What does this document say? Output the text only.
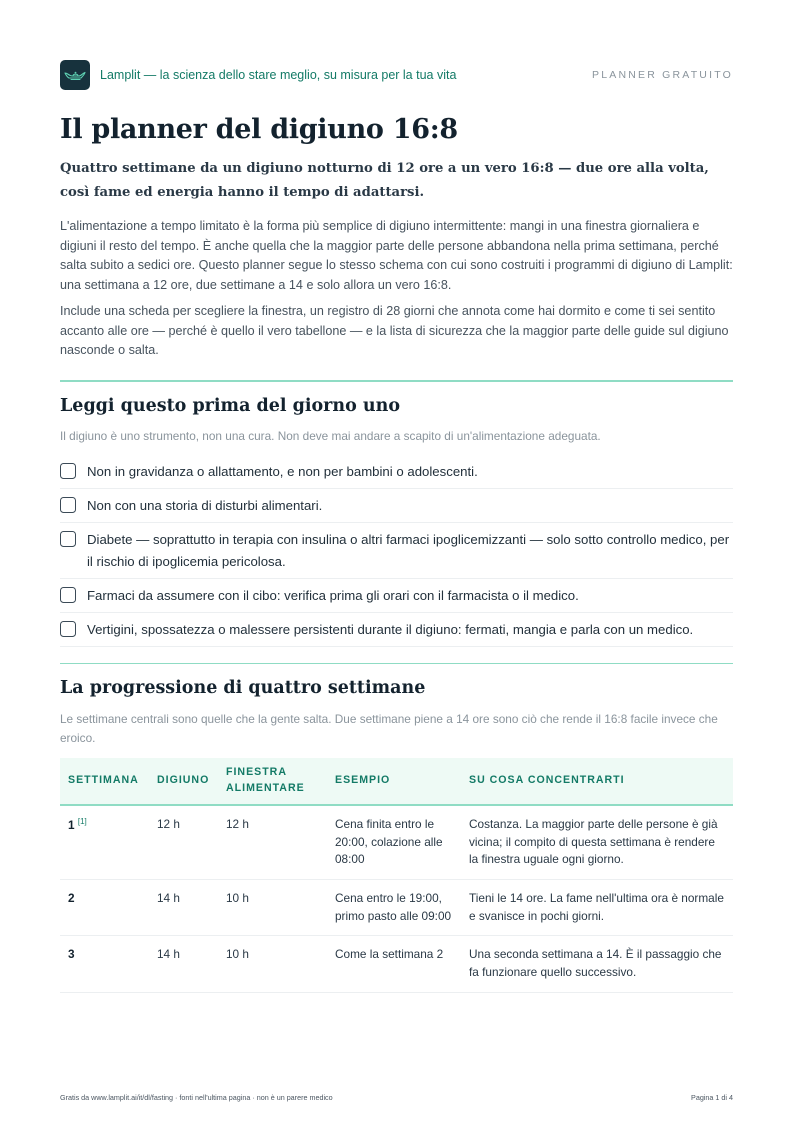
Lamplit — la scienza dello stare meglio, su misura per la tua vita	PLANNER GRATUITO
Il planner del digiuno 16:8

Quattro settimane da un digiuno notturno di 12 ore a un vero 16:8 — due ore alla volta, così fame ed energia hanno il tempo di adattarsi.

L'alimentazione a tempo limitato è la forma più semplice di digiuno intermittente: mangi in una finestra giornaliera e digiuni il resto del tempo. È anche quella che la maggior parte delle persone abbandona nella prima settimana, perché salta subito a sedici ore. Questo planner segue lo stesso schema con cui sono costruiti i programmi di digiuno di Lamplit: una settimana a 12 ore, due settimane a 14 e solo allora un vero 16:8.

Include una scheda per scegliere la finestra, un registro di 28 giorni che annota come hai dormito e come ti sei sentito accanto alle ore — perché è quello il vero tabellone — e la lista di sicurezza che la maggior parte delle guide sul digiuno nasconde o salta.

Leggi questo prima del giorno uno

Il digiuno è uno strumento, non una cura. Non deve mai andare a scapito di un'alimentazione adeguata.

Non in gravidanza o allattamento, e non per bambini o adolescenti.
Non con una storia di disturbi alimentari.
Diabete — soprattutto in terapia con insulina o altri farmaci ipoglicemizzanti — solo sotto controllo medico, per il rischio di ipoglicemia pericolosa.
Farmaci da assumere con il cibo: verifica prima gli orari con il farmacista o il medico.
Vertigini, spossatezza o malessere persistenti durante il digiuno: fermati, mangia e parla con un medico.
La progressione di quattro settimane

Le settimane centrali sono quelle che la gente salta. Due settimane piene a 14 ore sono ciò che rende il 16:8 facile invece che eroico.

SETTIMANA	DIGIUNO	FINESTRA ALIMENTARE	ESEMPIO	SU COSA CONCENTRARTI
1 [1]	12 h	12 h	Cena finita entro le 20:00, colazione alle 08:00	Costanza. La maggior parte delle persone è già vicina; il compito di questa settimana è rendere la finestra uguale ogni giorno.
2	14 h	10 h	Cena entro le 19:00, primo pasto alle 09:00	Tieni le 14 ore. La fame nell'ultima ora è normale e svanisce in pochi giorni.
3	14 h	10 h	Come la settimana 2	Una seconda settimana a 14. È il passaggio che fa funzionare quello successivo.
Gratis da www.lamplit.ai/it/dl/fasting · fonti nell'ultima pagina · non è un parere medico	Pagina 1 di 4
